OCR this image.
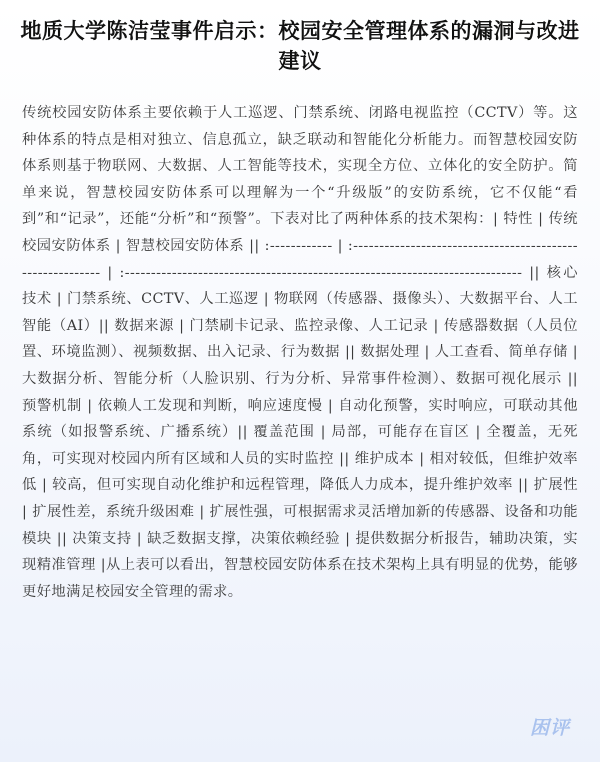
地质大学陈洁莹事件启示：校园安全管理体系的漏洞与改进建议

传统校园安防体系主要依赖于人工巡逻、门禁系统、闭路电视监控（CCTV）等。这种体系的特点是相对独立、信息孤立，缺乏联动和智能化分析能力。而智慧校园安防体系则基于物联网、大数据、人工智能等技术，实现全方位、立体化的安全防护。简单来说，智慧校园安防体系可以理解为一个“升级版”的安防系统，它不仅能“看到”和“记录”，还能“分析”和“预警”。下表对比了两种体系的技术架构：| 特性 | 传统校园安防体系 | 智慧校园安防体系 || :------------ | :---------------------------------------------------------- | :---------------------------------------------------------------------------- || 核心技术 | 门禁系统、CCTV、人工巡逻 | 物联网（传感器、摄像头）、大数据平台、人工智能（AI）|| 数据来源 | 门禁刷卡记录、监控录像、人工记录 | 传感器数据（人员位置、环境监测）、视频数据、出入记录、行为数据 || 数据处理 | 人工查看、简单存储 | 大数据分析、智能分析（人脸识别、行为分析、异常事件检测）、数据可视化展示 || 预警机制 | 依赖人工发现和判断，响应速度慢 | 自动化预警，实时响应，可联动其他系统（如报警系统、广播系统）|| 覆盖范围 | 局部，可能存在盲区 | 全覆盖，无死角，可实现对校园内所有区域和人员的实时监控 || 维护成本 | 相对较低，但维护效率低 | 较高，但可实现自动化维护和远程管理，降低人力成本，提升维护效率 || 扩展性 | 扩展性差，系统升级困难 | 扩展性强，可根据需求灵活增加新的传感器、设备和功能模块 || 决策支持 | 缺乏数据支撑，决策依赖经验 | 提供数据分析报告，辅助决策，实现精准管理 |从上表可以看出，智慧校园安防体系在技术架构上具有明显的优势，能够更好地满足校园安全管理的需求。

困评
